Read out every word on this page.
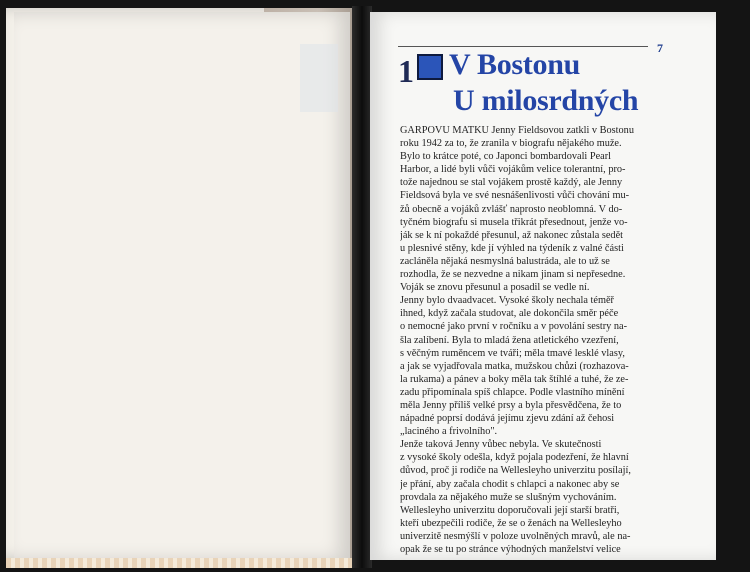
7
1 V Bostonu
U milosrdných
GARPOVU MATKU Jenny Fieldsovou zatkli v Bostonu
roku 1942 za to, že zranila v biografu nějakého muže.
Bylo to krátce poté, co Japonci bombardovali Pearl
Harbor, a lidé byli vůči vojákům velice tolerantní, pro-
tože najednou se stal vojákem prostě každý, ale Jenny
Fieldsová byla ve své nesnášenlivosti vůči chování mu-
žů obecně a vojáků zvlášť naprosto neoblomná. V do-
tyčném biografu si musela třikrát přesednout, jenže vo-
ják se k ní pokaždé přesunul, až nakonec zůstala sedět
u plesnivé stěny, kde jí výhled na týdeník z valné části
zacláněla nějaká nesmyslná balustráda, ale to už se
rozhodla, že se nezvedne a nikam jinam si nepřesedne.
Voják se znovu přesunul a posadil se vedle ní.
Jenny bylo dvaadvacet. Vysoké školy nechala téměř
ihned, když začala studovat, ale dokončila směr péče
o nemocné jako první v ročníku a v povolání sestry na-
šla zalíbení. Byla to mladá žena atletického vzezření,
s věčným ruměncem ve tváři; měla tmavé lesklé vlasy,
a jak se vyjadřovala matka, mužskou chůzi (rozhazova-
la rukama) a pánev a boky měla tak štíhlé a tuhé, že ze-
zadu připomínala spíš chlapce. Podle vlastního mínění
měla Jenny příliš velké prsy a byla přesvědčena, že to
nápadné poprsí dodává jejímu zjevu zdání až čehosi
„laciného a frivolního".
Jenže taková Jenny vůbec nebyla. Ve skutečnosti
z vysoké školy odešla, když pojala podezření, že hlavní
důvod, proč ji rodiče na Wellesleyho univerzitu posílají,
je přání, aby začala chodit s chlapci a nakonec aby se
provdala za nějakého muže se slušným vychováním.
Wellesleyho univerzitu doporučovali její starší bratři,
kteří ubezpečili rodiče, že se o ženách na Wellesleyho
univerzitě nesmýšlí v poloze uvolněných mravů, ale na-
opak že se tu po stránce výhodných manželství velice
